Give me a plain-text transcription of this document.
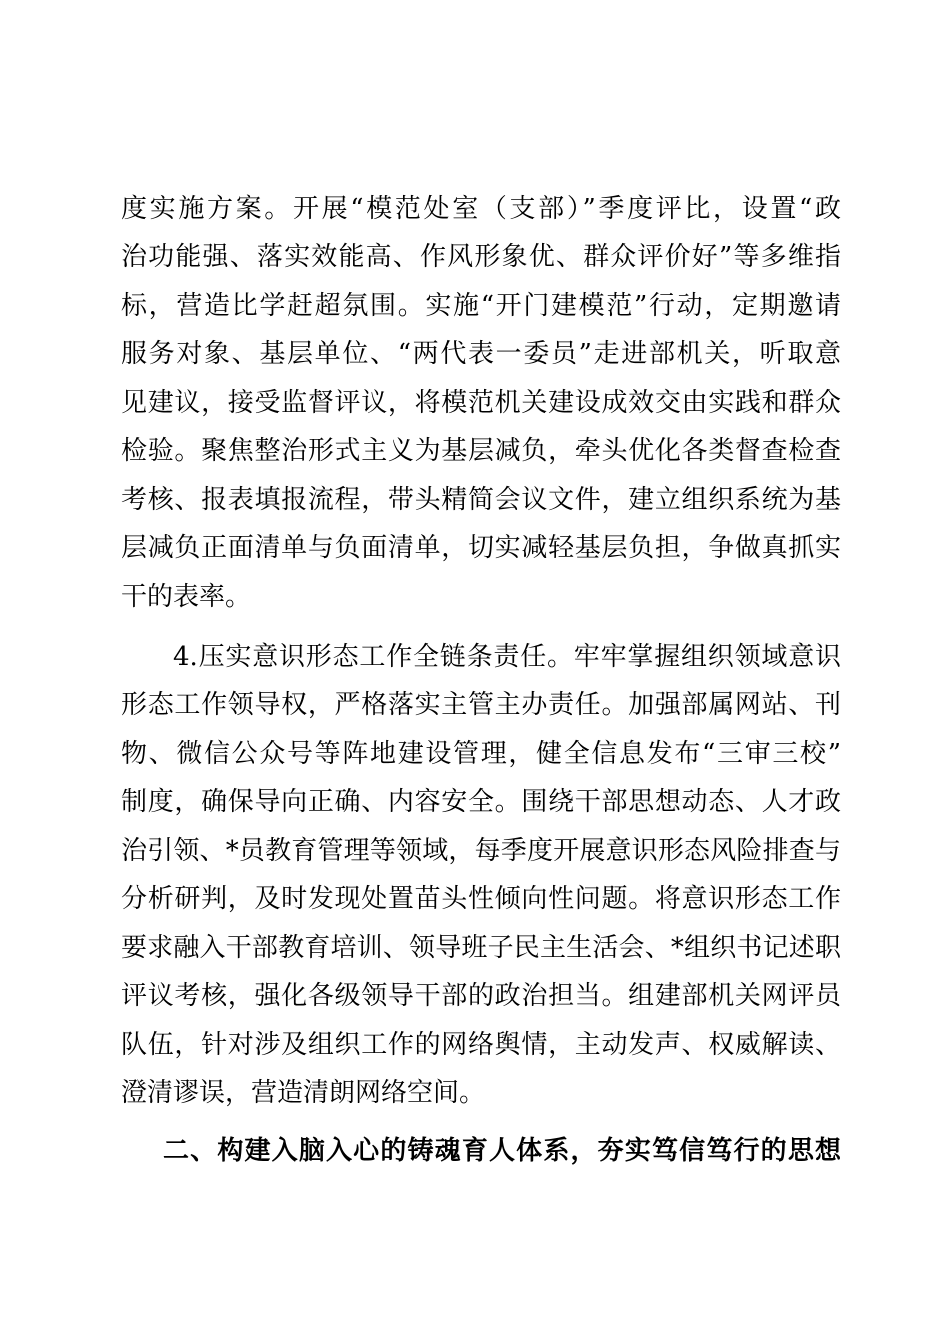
度实施方案。开展“模范处室（支部）”季度评比，设置“政
治功能强、落实效能高、作风形象优、群众评价好”等多维指
标，营造比学赶超氛围。实施“开门建模范”行动，定期邀请
服务对象、基层单位、“两代表一委员”走进部机关，听取意
见建议，接受监督评议，将模范机关建设成效交由实践和群众
检验。聚焦整治形式主义为基层减负，牵头优化各类督查检查
考核、报表填报流程，带头精简会议文件，建立组织系统为基
层减负正面清单与负面清单，切实减轻基层负担，争做真抓实
干的表率。
4.压实意识形态工作全链条责任。牢牢掌握组织领域意识
形态工作领导权，严格落实主管主办责任。加强部属网站、刊
物、微信公众号等阵地建设管理，健全信息发布“三审三校”
制度，确保导向正确、内容安全。围绕干部思想动态、人才政
治引领、*员教育管理等领域，每季度开展意识形态风险排查与
分析研判，及时发现处置苗头性倾向性问题。将意识形态工作
要求融入干部教育培训、领导班子民主生活会、*组织书记述职
评议考核，强化各级领导干部的政治担当。组建部机关网评员
队伍，针对涉及组织工作的网络舆情，主动发声、权威解读、
澄清谬误，营造清朗网络空间。
二、构建入脑入心的铸魂育人体系，夯实笃信笃行的思想
